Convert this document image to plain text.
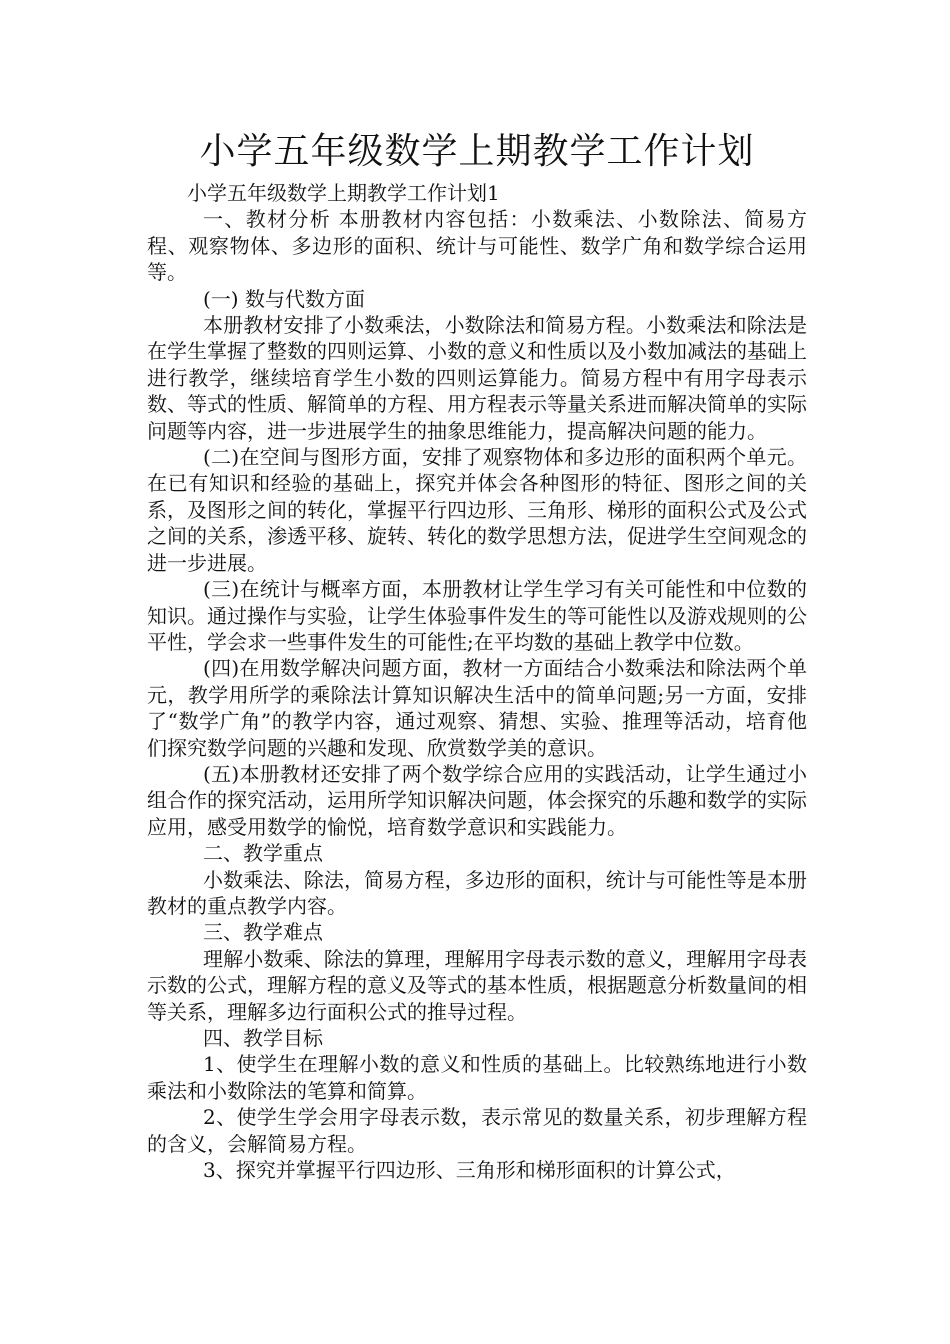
小学五年级数学上期教学工作计划

小学五年级数学上期教学工作计划1

一、教材分析 本册教材内容包括：小数乘法、小数除法、简易方程、观察物体、多边形的面积、统计与可能性、数学广角和数学综合运用等。

(一) 数与代数方面

本册教材安排了小数乘法，小数除法和简易方程。小数乘法和除法是在学生掌握了整数的四则运算、小数的意义和性质以及小数加减法的基础上进行教学，继续培育学生小数的四则运算能力。简易方程中有用字母表示数、等式的性质、解简单的方程、用方程表示等量关系进而解决简单的实际问题等内容，进一步进展学生的抽象思维能力，提高解决问题的能力。

(二)在空间与图形方面，安排了观察物体和多边形的面积两个单元。在已有知识和经验的基础上，探究并体会各种图形的特征、图形之间的关系，及图形之间的转化，掌握平行四边形、三角形、梯形的面积公式及公式之间的关系，渗透平移、旋转、转化的数学思想方法，促进学生空间观念的进一步进展。

(三)在统计与概率方面，本册教材让学生学习有关可能性和中位数的知识。通过操作与实验，让学生体验事件发生的等可能性以及游戏规则的公平性，学会求一些事件发生的可能性;在平均数的基础上教学中位数。

(四)在用数学解决问题方面，教材一方面结合小数乘法和除法两个单元，教学用所学的乘除法计算知识解决生活中的简单问题;另一方面，安排了“数学广角”的教学内容，通过观察、猜想、实验、推理等活动，培育他们探究数学问题的兴趣和发现、欣赏数学美的意识。

(五)本册教材还安排了两个数学综合应用的实践活动，让学生通过小组合作的探究活动，运用所学知识解决问题，体会探究的乐趣和数学的实际应用，感受用数学的愉悦，培育数学意识和实践能力。

二、教学重点

小数乘法、除法，简易方程，多边形的面积，统计与可能性等是本册教材的重点教学内容。

三、教学难点

理解小数乘、除法的算理，理解用字母表示数的意义，理解用字母表示数的公式，理解方程的意义及等式的基本性质，根据题意分析数量间的相等关系，理解多边行面积公式的推导过程。

四、教学目标

1、使学生在理解小数的意义和性质的基础上。比较熟练地进行小数乘法和小数除法的笔算和简算。

2、使学生学会用字母表示数，表示常见的数量关系，初步理解方程的含义，会解简易方程。

3、探究并掌握平行四边形、三角形和梯形面积的计算公式，
